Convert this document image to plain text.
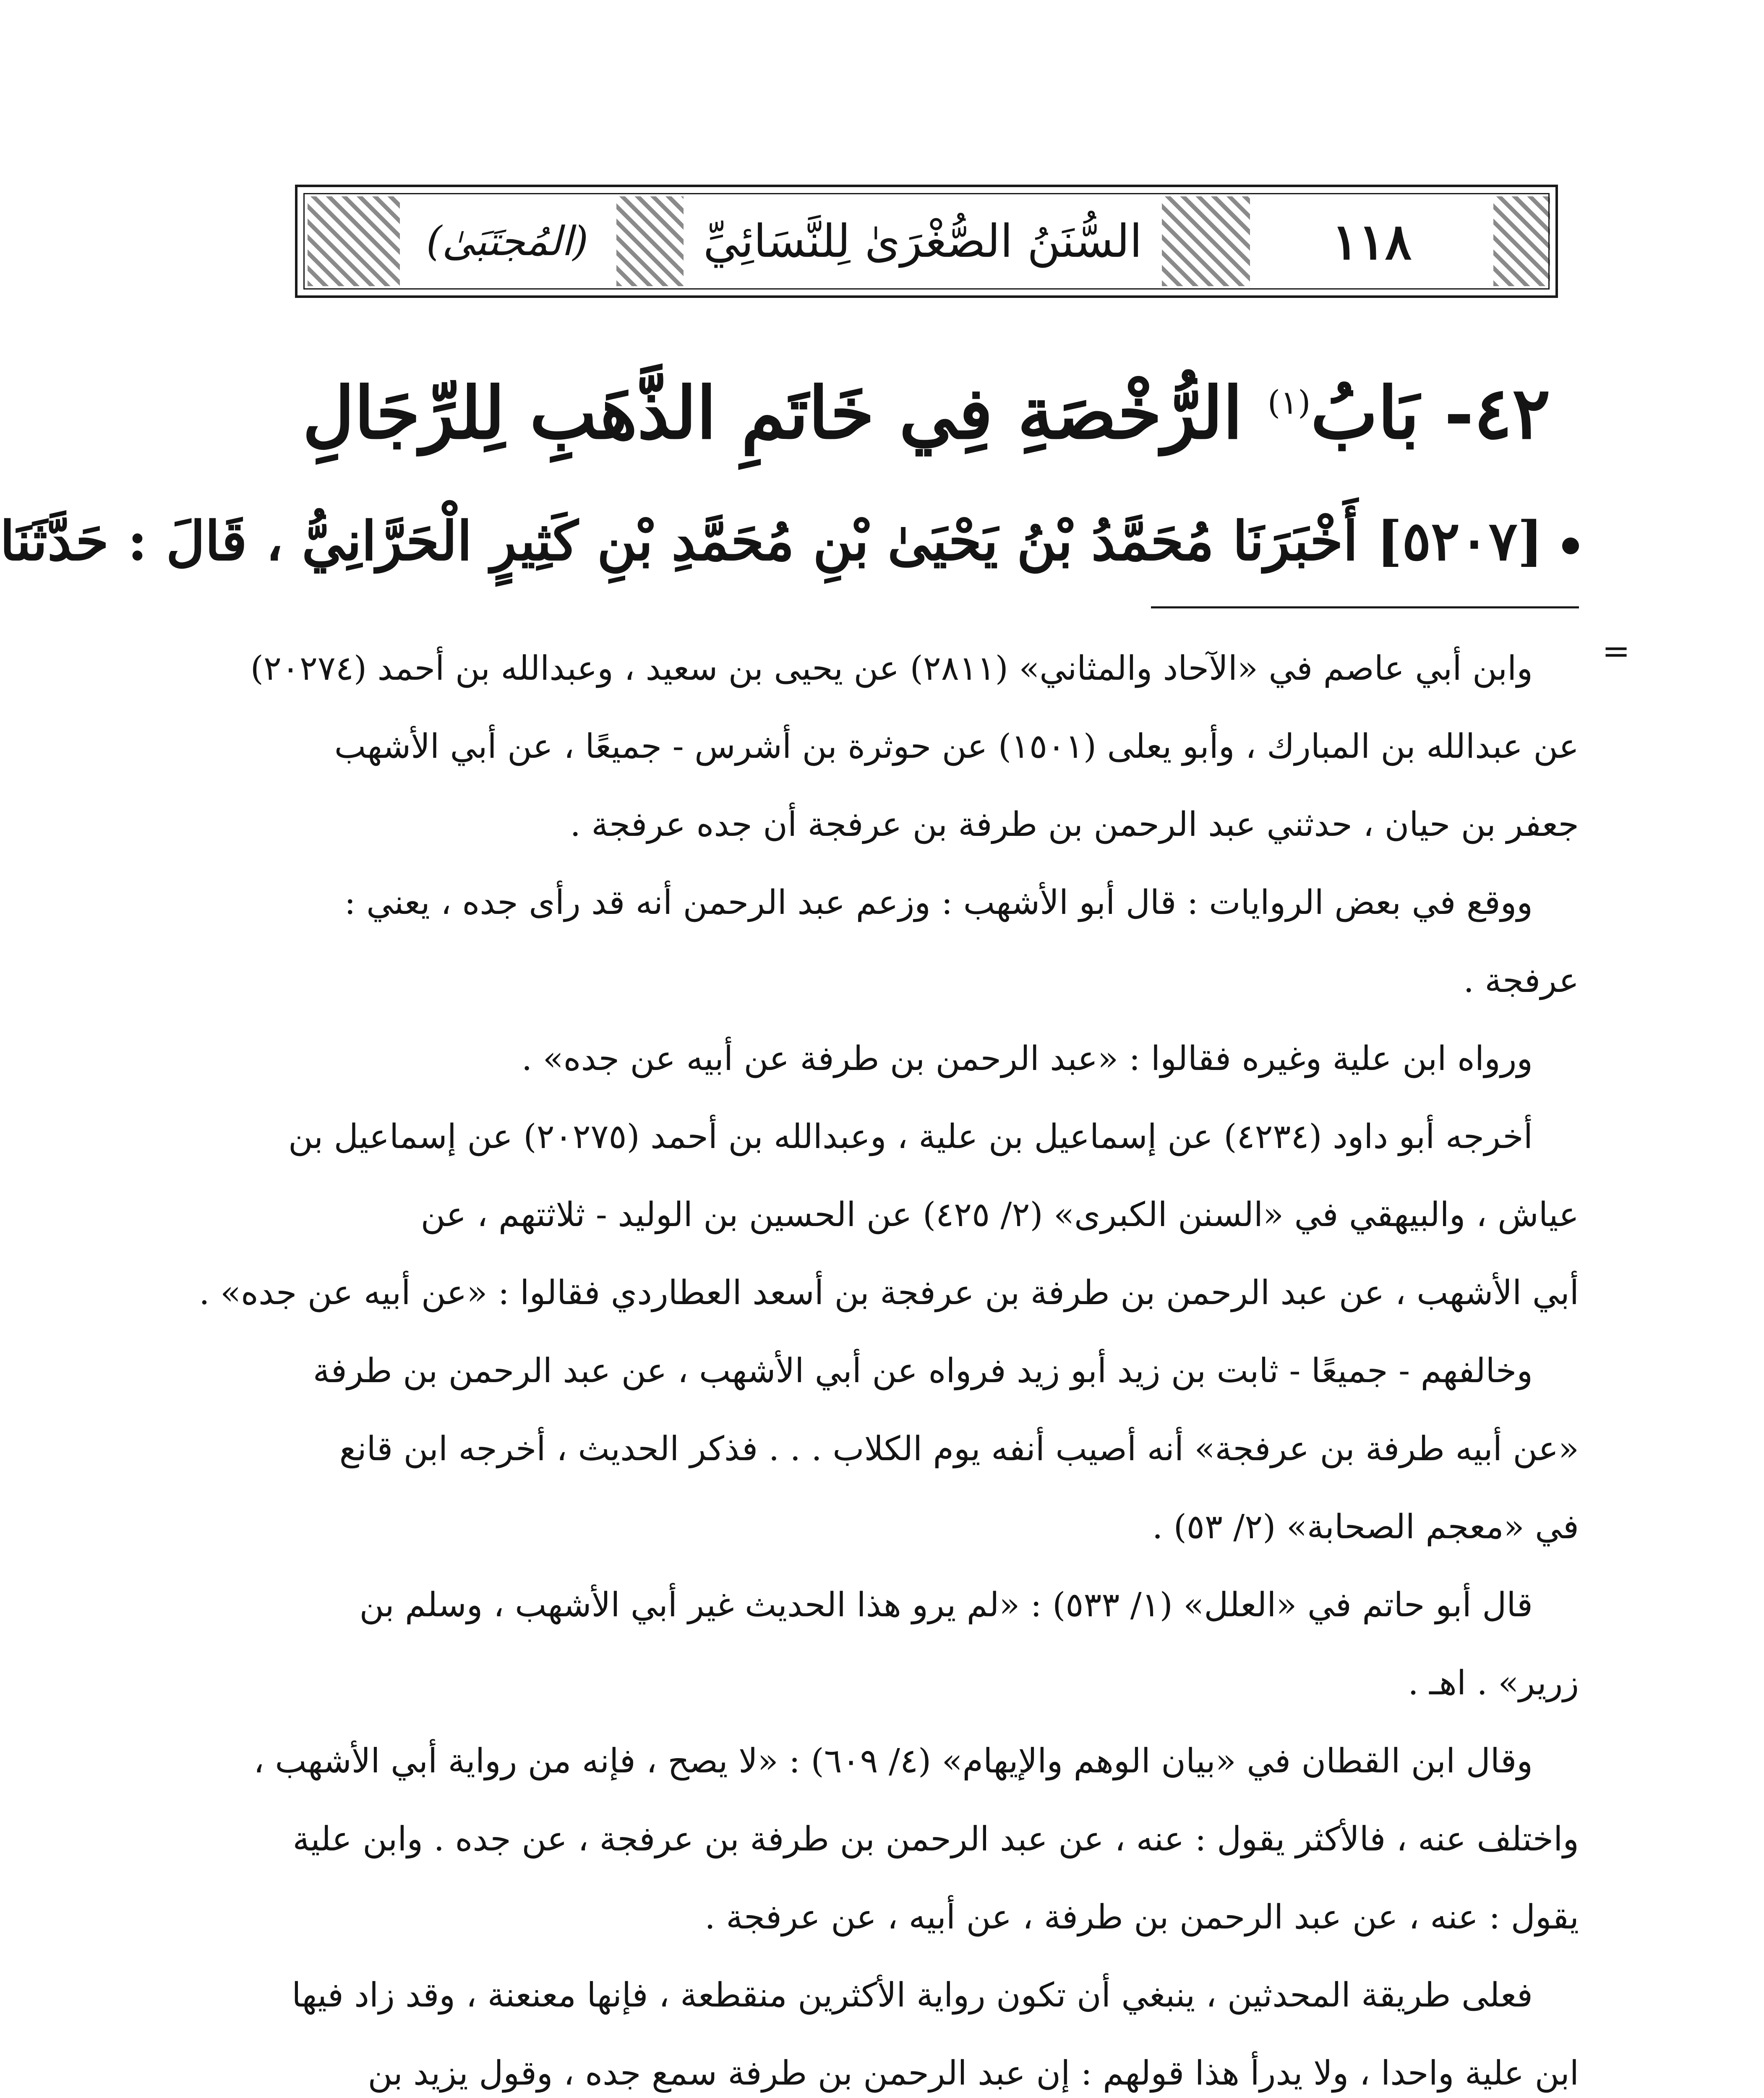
(المُجتَبَىٰ)	السُّنَنُ الصُّغْرَىٰ لِلنَّسَائِيِّ	١١٨
٤٢- بَابُ$^{(١)}$ الرُّخْصَةِ فِي خَاتَمِ الذَّهَبِ لِلرِّجَالِ
[٥٢٠٧] أَخْبَرَنَا مُحَمَّدُ بْنُ يَحْيَىٰ بْنِ مُحَمَّدِ بْنِ كَثِيرٍ الْحَرَّانِيُّ ، قَالَ : حَدَّثَنَا
=

وابن أبي عاصم في «الآحاد والمثاني» (٢٨١١) عن يحيى بن سعيد ، وعبدالله بن أحمد (٢٠٢٧٤)

عن عبدالله بن المبارك ، وأبو يعلى (١٥٠١) عن حوثرة بن أشرس - جميعًا ، عن أبي الأشهب

جعفر بن حيان ، حدثني عبد الرحمن بن طرفة بن عرفجة أن جده عرفجة .

ووقع في بعض الروايات : قال أبو الأشهب : وزعم عبد الرحمن أنه قد رأى جده ، يعني :

عرفجة .

ورواه ابن علية وغيره فقالوا : «عبد الرحمن بن طرفة عن أبيه عن جده» .

أخرجه أبو داود (٤٢٣٤) عن إسماعيل بن علية ، وعبدالله بن أحمد (٢٠٢٧٥) عن إسماعيل بن

عياش ، والبيهقي في «السنن الكبرى» (٢/ ٤٢٥) عن الحسين بن الوليد - ثلاثتهم ، عن

أبي الأشهب ، عن عبد الرحمن بن طرفة بن عرفجة بن أسعد العطاردي فقالوا : «عن أبيه عن جده» .

وخالفهم - جميعًا - ثابت بن زيد أبو زيد فرواه عن أبي الأشهب ، عن عبد الرحمن بن طرفة

«عن أبيه طرفة بن عرفجة» أنه أصيب أنفه يوم الكلاب . . . فذكر الحديث ، أخرجه ابن قانع

في «معجم الصحابة» (٢/ ٥٣) .

قال أبو حاتم في «العلل» (١/ ٥٣٣) : «لم يرو هذا الحديث غير أبي الأشهب ، وسلم بن

زرير» . اهـ .

وقال ابن القطان في «بيان الوهم والإيهام» (٤/ ٦٠٩) : «لا يصح ، فإنه من رواية أبي الأشهب ،

واختلف عنه ، فالأكثر يقول : عنه ، عن عبد الرحمن بن طرفة بن عرفجة ، عن جده . وابن علية

يقول : عنه ، عن عبد الرحمن بن طرفة ، عن أبيه ، عن عرفجة .

فعلى طريقة المحدثين ، ينبغي أن تكون رواية الأكثرين منقطعة ، فإنها معنعنة ، وقد زاد فيها

ابن علية واحدا ، ولا يدرأ هذا قولهم : إن عبد الرحمن بن طرفة سمع جده ، وقول يزيد بن
